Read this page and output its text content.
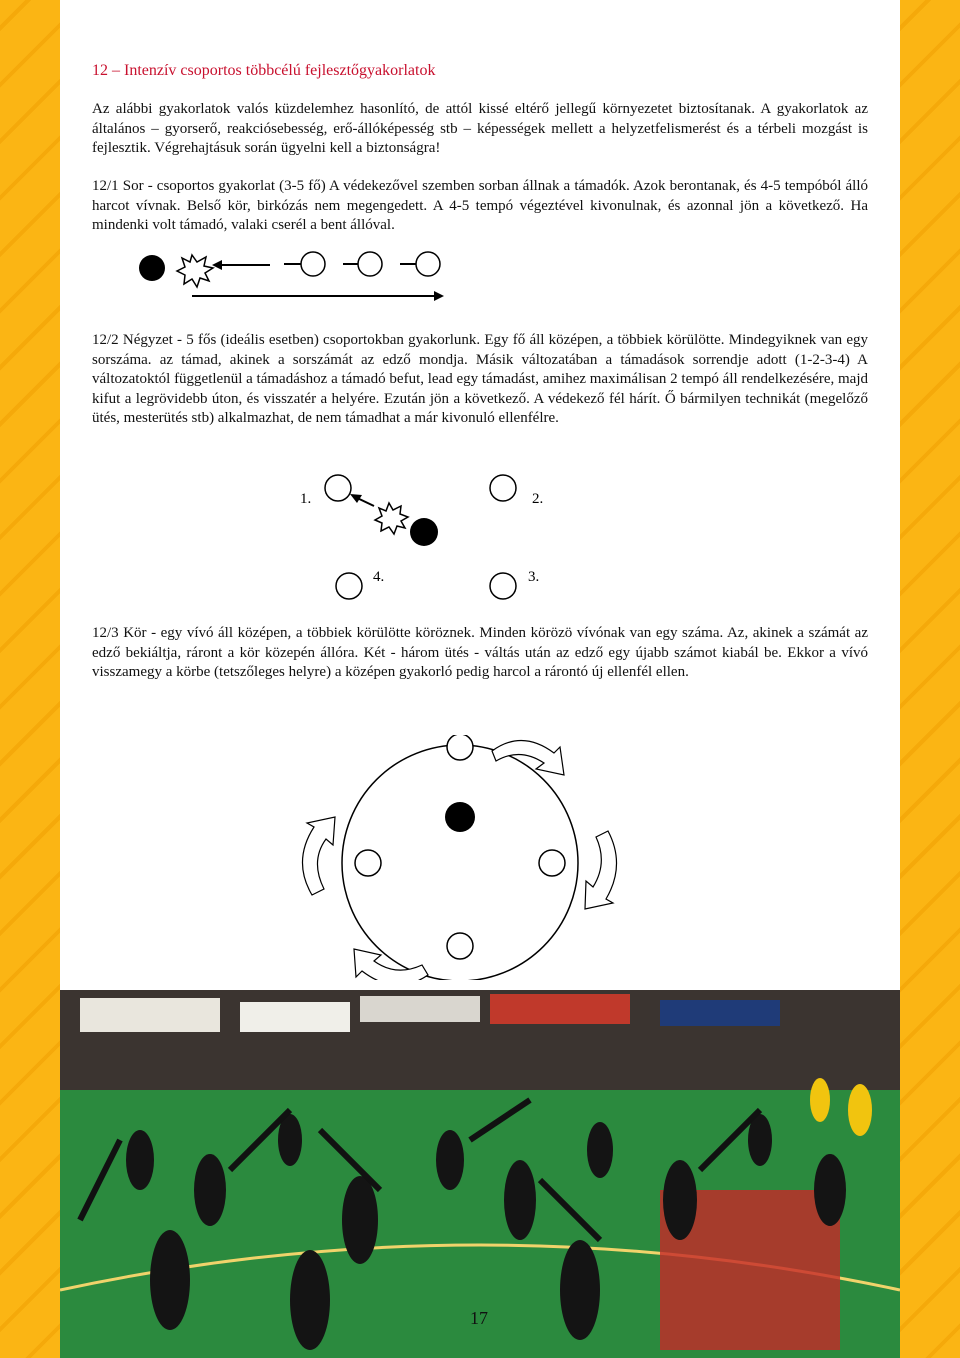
12 – Intenzív csoportos többcélú fejlesztőgyakorlatok

Az alábbi gyakorlatok valós küzdelemhez hasonlító, de attól kissé eltérő jellegű környezetet biztosítanak. A gyakorlatok az általános – gyorserő, reakciósebesség, erő-állóképesség stb – képességek mellett a helyzetfelismerést és a térbeli mozgást is fejlesztik. Végrehajtásuk során ügyelni kell a biztonságra!

12/1 Sor - csoportos gyakorlat (3-5 fő) A védekezővel szemben sorban állnak a támadók. Azok berontanak, és 4-5 tempóból álló harcot vívnak. Belső kör, birkózás nem megengedett. A 4-5 tempó végeztével kivonulnak, és azonnal jön a következő. Ha mindenki volt támadó, valaki cserél a bent állóval.

12/2 Négyzet - 5 fős (ideális esetben) csoportokban gyakorlunk. Egy fő áll középen, a többiek körülötte. Mindegyiknek van egy sorszáma. az támad, akinek a sorszámát az edző mondja. Másik változatában a támadások sorrendje adott (1-2-3-4) A változatoktól függetlenül a támadáshoz a támadó befut, lead egy támadást, amihez maximálisan 2 tempó áll rendelkezésére, majd kifut a legrövidebb úton, és visszatér a helyére. Ezután jön a következő. A védekező fél hárít. Ő bármilyen technikát (megelőző ütés, mesterütés stb) alkalmazhat, de nem támadhat a már kivonuló ellenfélre.

1.	2.
4.	3.

12/3 Kör - egy vívó áll középen, a többiek körülötte köröznek. Minden körözö vívónak van egy száma. Az, akinek a számát az edző bekiáltja, ráront a kör közepén állóra. Két - három ütés - váltás után az edző egy újabb számot kiabál be. Ekkor a vívó visszamegy a körbe (tetszőleges helyre) a középen gyakorló pedig harcol a rárontó új ellenfél ellen.

17
